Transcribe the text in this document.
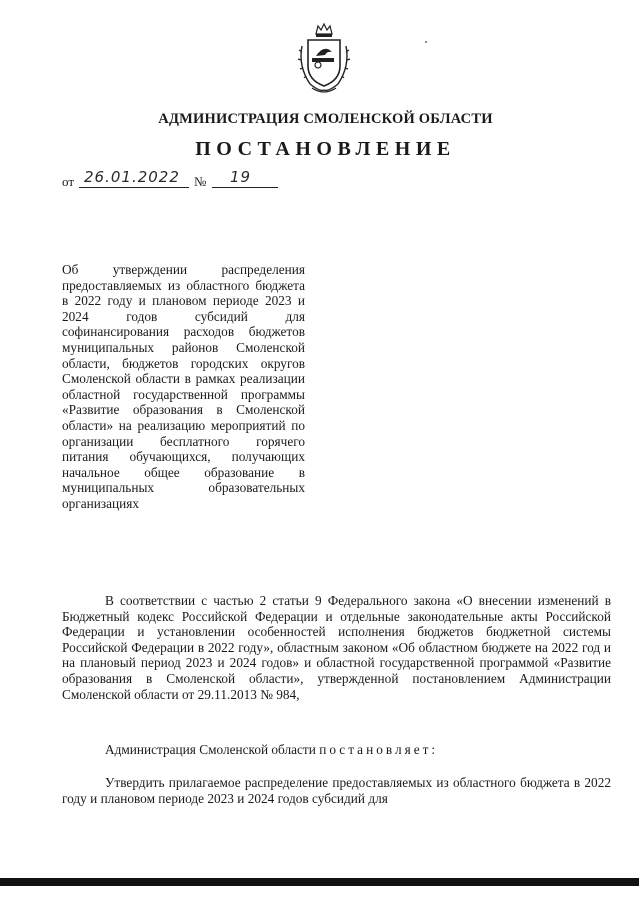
АДМИНИСТРАЦИЯ СМОЛЕНСКОЙ ОБЛАСТИ
ПОСТАНОВЛЕНИЕ
от 26.01.2022 № 19
Об утверждении распределения предоставляемых из областного бюджета в 2022 году и плановом периоде 2023 и 2024 годов субсидий для софинансирования расходов бюджетов муниципальных районов Смоленской области, бюджетов городских округов Смоленской области в рамках реализации областной государственной программы «Развитие образования в Смоленской области» на реализацию мероприятий по организации бесплатного горячего питания обучающихся, получающих начальное общее образование в муниципальных образовательных организациях
В соответствии с частью 2 статьи 9 Федерального закона «О внесении изменений в Бюджетный кодекс Российской Федерации и отдельные законодательные акты Российской Федерации и установлении особенностей исполнения бюджетов бюджетной системы Российской Федерации в 2022 году», областным законом «Об областном бюджете на 2022 год и на плановый период 2023 и 2024 годов» и областной государственной программой «Развитие образования в Смоленской области», утвержденной постановлением Администрации Смоленской области от 29.11.2013 № 984,
Администрация Смоленской области постановляет:
Утвердить прилагаемое распределение предоставляемых из областного бюджета в 2022 году и плановом периоде 2023 и 2024 годов субсидий для
